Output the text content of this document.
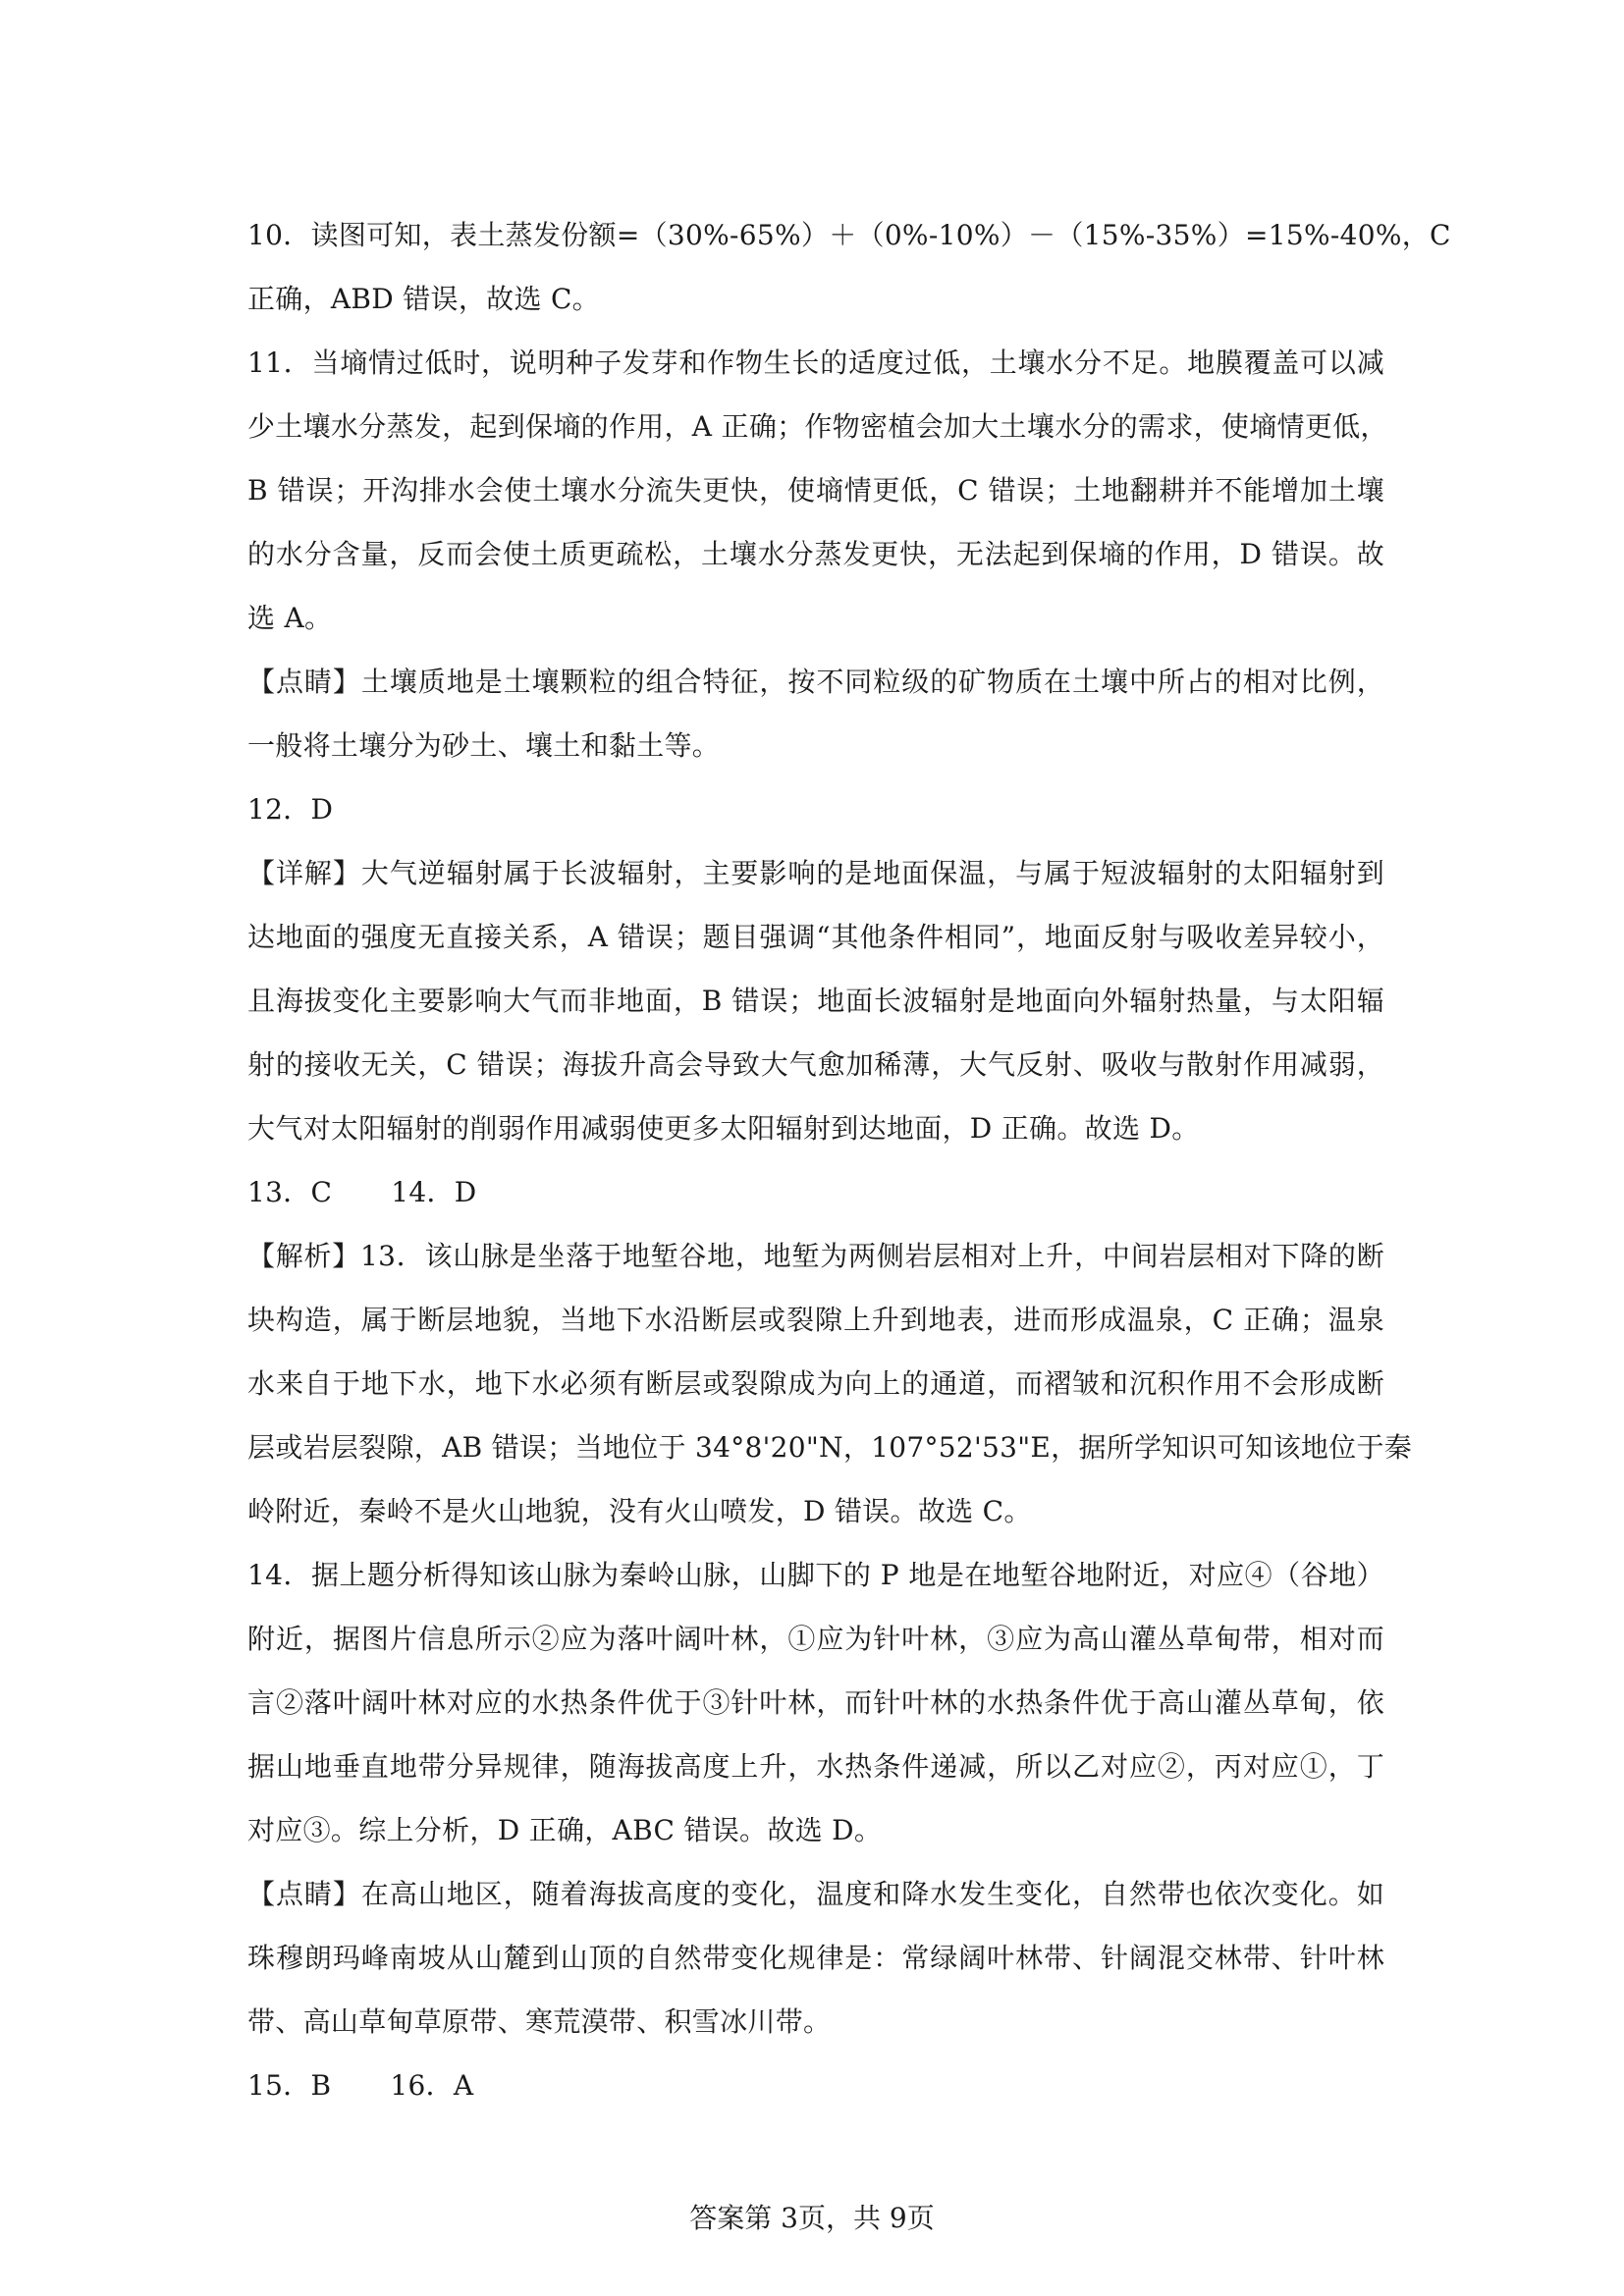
10．读图可知，表土蒸发份额=（30%-65%）＋（0%-10%）－（15%-35%）=15%-40%，C
正确，ABD 错误，故选 C。
11．当墒情过低时，说明种子发芽和作物生长的适度过低，土壤水分不足。地膜覆盖可以减
少土壤水分蒸发，起到保墒的作用，A 正确；作物密植会加大土壤水分的需求，使墒情更低，
B 错误；开沟排水会使土壤水分流失更快，使墒情更低，C 错误；土地翻耕并不能增加土壤
的水分含量，反而会使土质更疏松，土壤水分蒸发更快，无法起到保墒的作用，D 错误。故
选 A。
【点睛】土壤质地是土壤颗粒的组合特征，按不同粒级的矿物质在土壤中所占的相对比例，
一般将土壤分为砂土、壤土和黏土等。
12．D
【详解】大气逆辐射属于长波辐射，主要影响的是地面保温，与属于短波辐射的太阳辐射到
达地面的强度无直接关系，A 错误；题目强调“其他条件相同”，地面反射与吸收差异较小，
且海拔变化主要影响大气而非地面，B 错误；地面长波辐射是地面向外辐射热量，与太阳辐
射的接收无关，C 错误；海拔升高会导致大气愈加稀薄，大气反射、吸收与散射作用减弱，
大气对太阳辐射的削弱作用减弱使更多太阳辐射到达地面，D 正确。故选 D。
13．C 14．D
【解析】13．该山脉是坐落于地堑谷地，地堑为两侧岩层相对上升，中间岩层相对下降的断
块构造，属于断层地貌，当地下水沿断层或裂隙上升到地表，进而形成温泉，C 正确；温泉
水来自于地下水，地下水必须有断层或裂隙成为向上的通道，而褶皱和沉积作用不会形成断
层或岩层裂隙，AB 错误；当地位于 34°8'20"N，107°52'53"E，据所学知识可知该地位于秦
岭附近，秦岭不是火山地貌，没有火山喷发，D 错误。故选 C。
14．据上题分析得知该山脉为秦岭山脉，山脚下的 P 地是在地堑谷地附近，对应④（谷地）
附近，据图片信息所示②应为落叶阔叶林，①应为针叶林，③应为高山灌丛草甸带，相对而
言②落叶阔叶林对应的水热条件优于③针叶林，而针叶林的水热条件优于高山灌丛草甸，依
据山地垂直地带分异规律，随海拔高度上升，水热条件递减，所以乙对应②，丙对应①，丁
对应③。综上分析，D 正确，ABC 错误。故选 D。
【点睛】在高山地区，随着海拔高度的变化，温度和降水发生变化，自然带也依次变化。如
珠穆朗玛峰南坡从山麓到山顶的自然带变化规律是：常绿阔叶林带、针阔混交林带、针叶林
带、高山草甸草原带、寒荒漠带、积雪冰川带。
15．B 16．A
答案第 3页，共 9页
